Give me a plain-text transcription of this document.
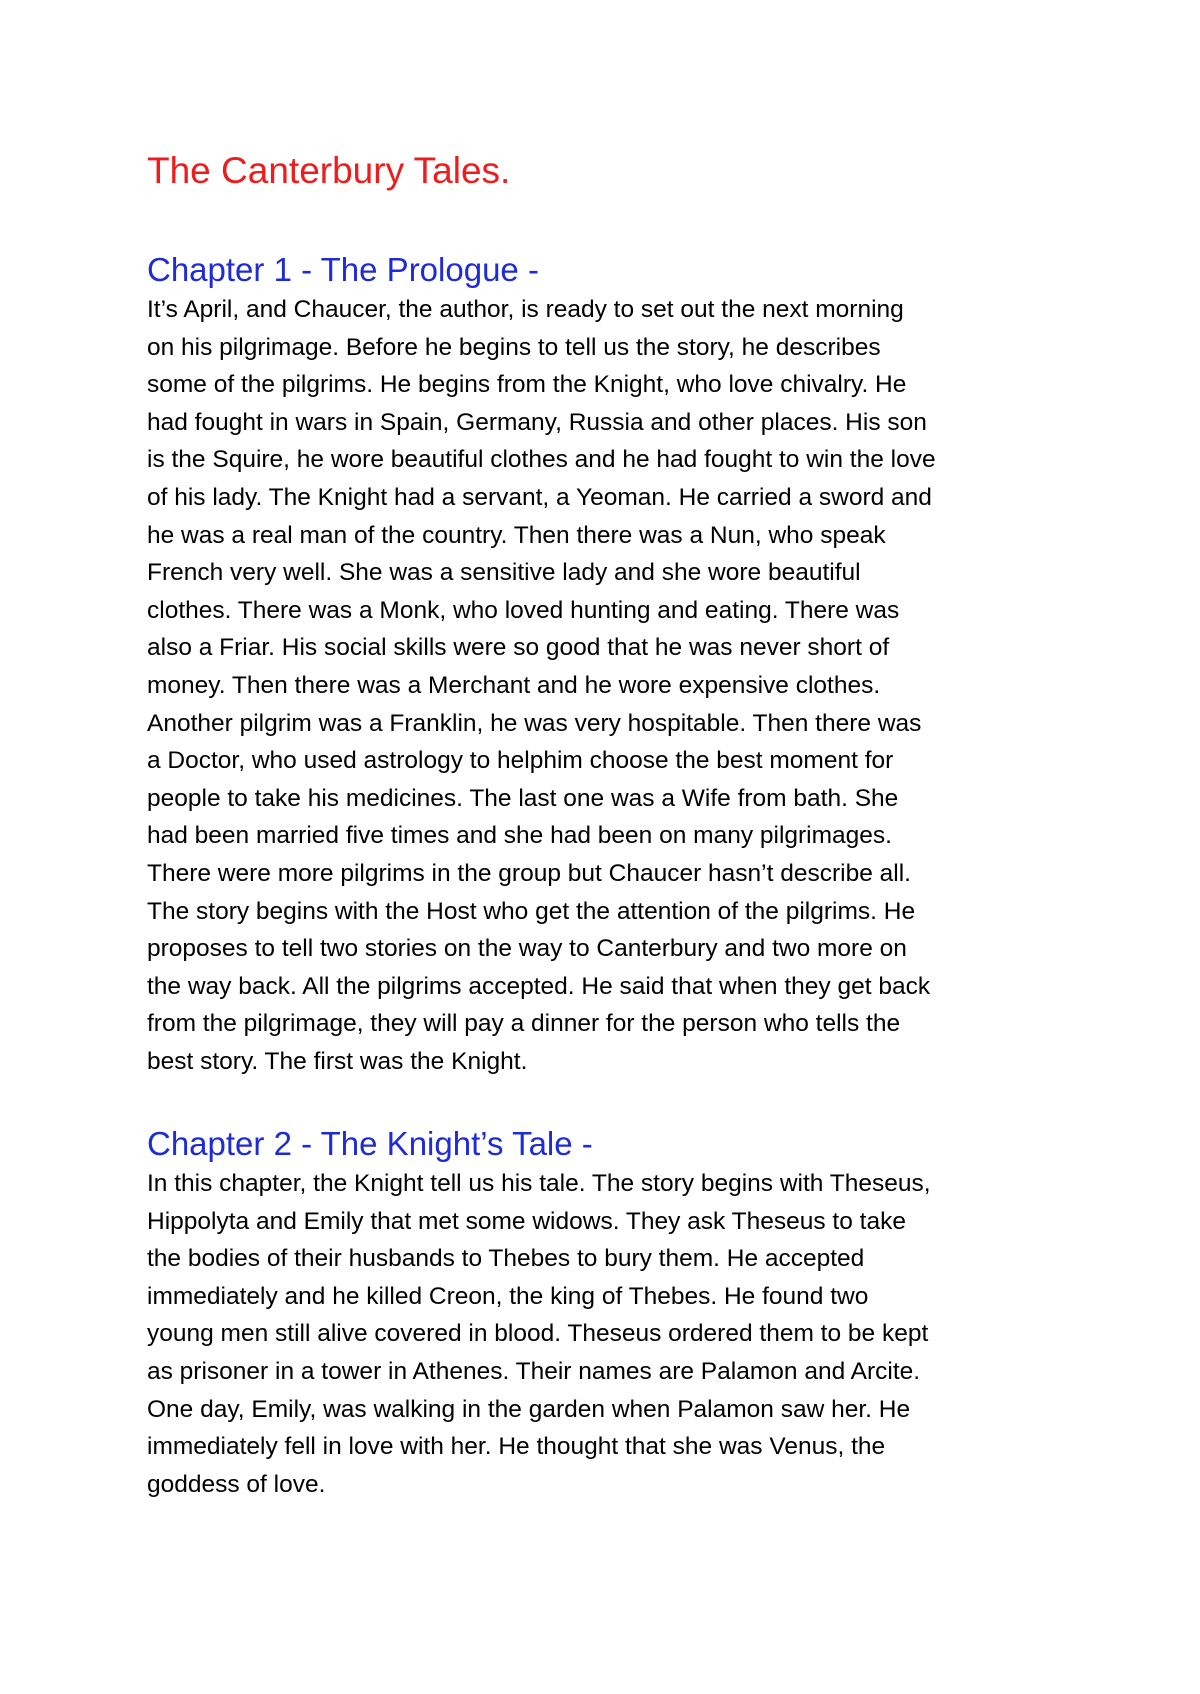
The Canterbury Tales.
Chapter 1 - The Prologue -
It’s April, and Chaucer, the author, is ready to set out the next morning
on his pilgrimage. Before he begins to tell us the story, he describes
some of the pilgrims. He begins from the Knight, who love chivalry. He
had fought in wars in Spain, Germany, Russia and other places. His son
is the Squire, he wore beautiful clothes and he had fought to win the love
of his lady. The Knight had a servant, a Yeoman. He carried a sword and
he was a real man of the country. Then there was a Nun, who speak
French very well. She was a sensitive lady and she wore beautiful
clothes. There was a Monk, who loved hunting and eating. There was
also a Friar. His social skills were so good that he was never short of
money. Then there was a Merchant and he wore expensive clothes.
Another pilgrim was a Franklin, he was very hospitable. Then there was
a Doctor, who used astrology to helphim choose the best moment for
people to take his medicines. The last one was a Wife from bath. She
had been married five times and she had been on many pilgrimages.
There were more pilgrims in the group but Chaucer hasn’t describe all.
The story begins with the Host who get the attention of the pilgrims. He
proposes to tell two stories on the way to Canterbury and two more on
the way back. All the pilgrims accepted. He said that when they get back
from the pilgrimage, they will pay a dinner for the person who tells the
best story. The first was the Knight.
Chapter 2 - The Knight’s Tale -
In this chapter, the Knight tell us his tale. The story begins with Theseus,
Hippolyta and Emily that met some widows. They ask Theseus to take
the bodies of their husbands to Thebes to bury them. He accepted
immediately and he killed Creon, the king of Thebes. He found two
young men still alive covered in blood. Theseus ordered them to be kept
as prisoner in a tower in Athenes. Their names are Palamon and Arcite.
One day, Emily, was walking in the garden when Palamon saw her. He
immediately fell in love with her. He thought that she was Venus, the
goddess of love.
